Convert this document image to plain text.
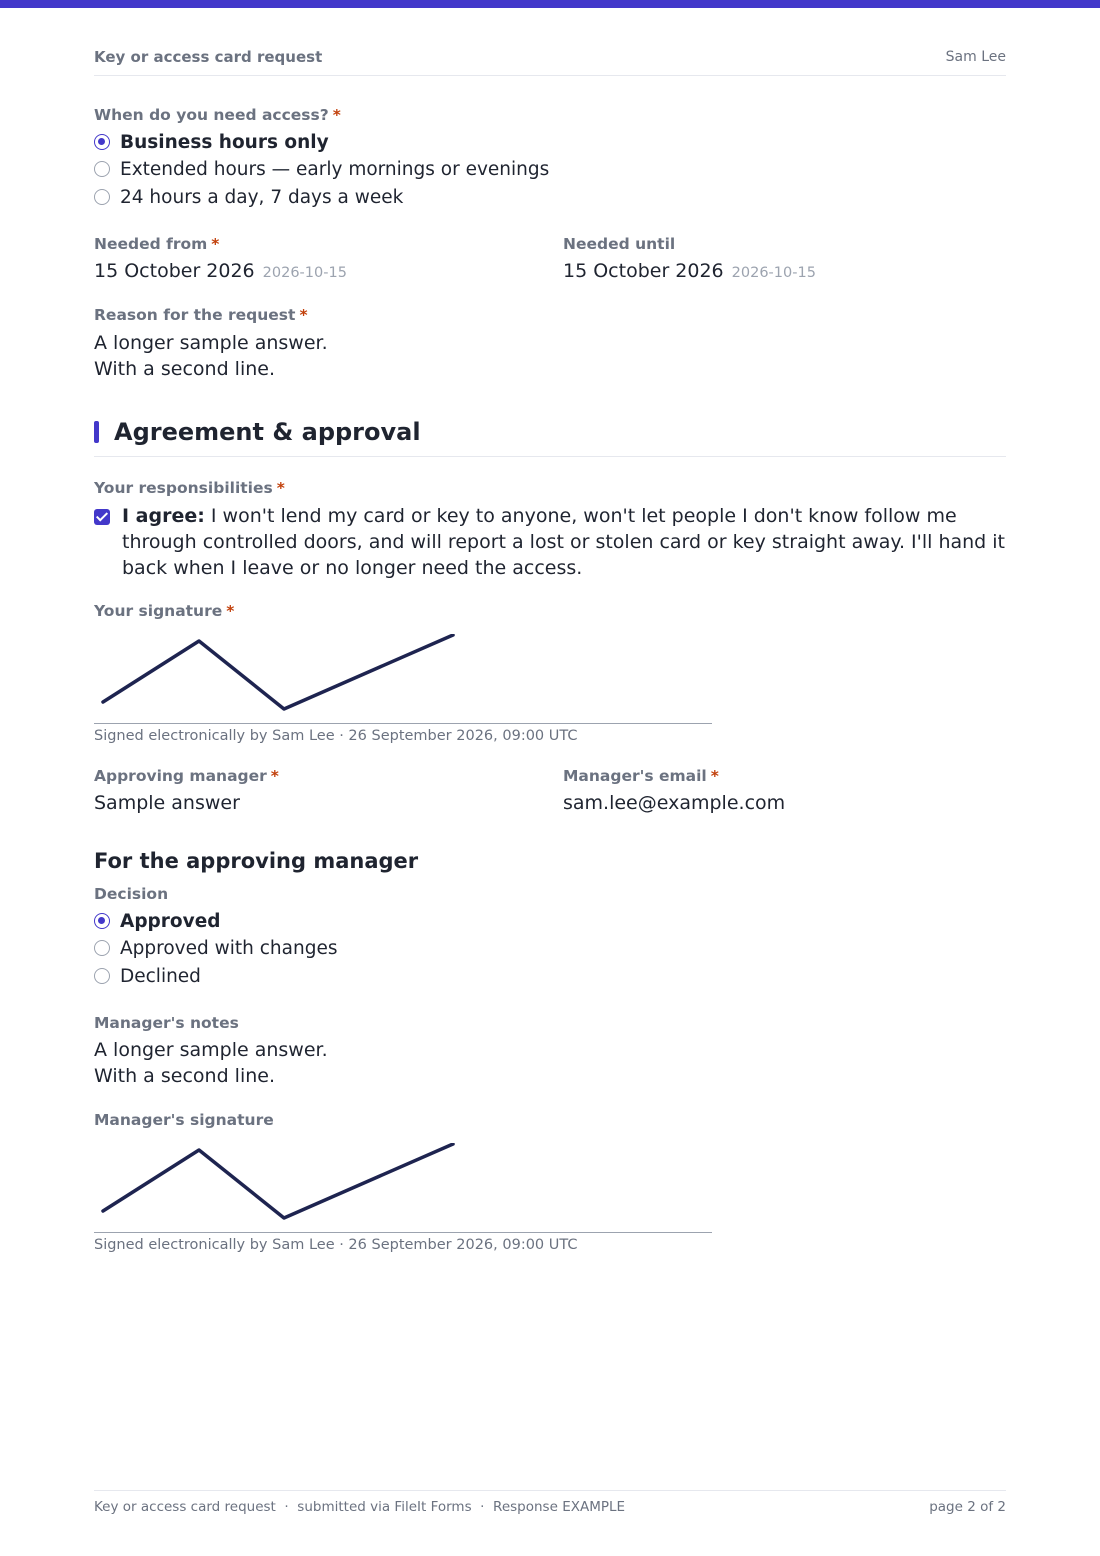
Key or access card request	Sam Lee
When do you need access? *
Business hours only
Extended hours — early mornings or evenings
24 hours a day, 7 days a week
Needed from *
15 October 2026 2026-10-15
Needed until
15 October 2026 2026-10-15
Reason for the request *
A longer sample answer.
With a second line.
Agreement & approval
Your responsibilities *
I agree: I won't lend my card or key to anyone, won't let people I don't know follow me through controlled doors, and will report a lost or stolen card or key straight away. I'll hand it back when I leave or no longer need the access.
Your signature *
Signed electronically by Sam Lee · 26 September 2026, 09:00 UTC
Approving manager *
Sample answer
Manager's email *
sam.lee@example.com
For the approving manager
Decision
Approved
Approved with changes
Declined
Manager's notes
A longer sample answer.
With a second line.
Manager's signature
Signed electronically by Sam Lee · 26 September 2026, 09:00 UTC
Key or access card request  ·  submitted via FileIt Forms  ·  Response EXAMPLE	page 2 of 2
